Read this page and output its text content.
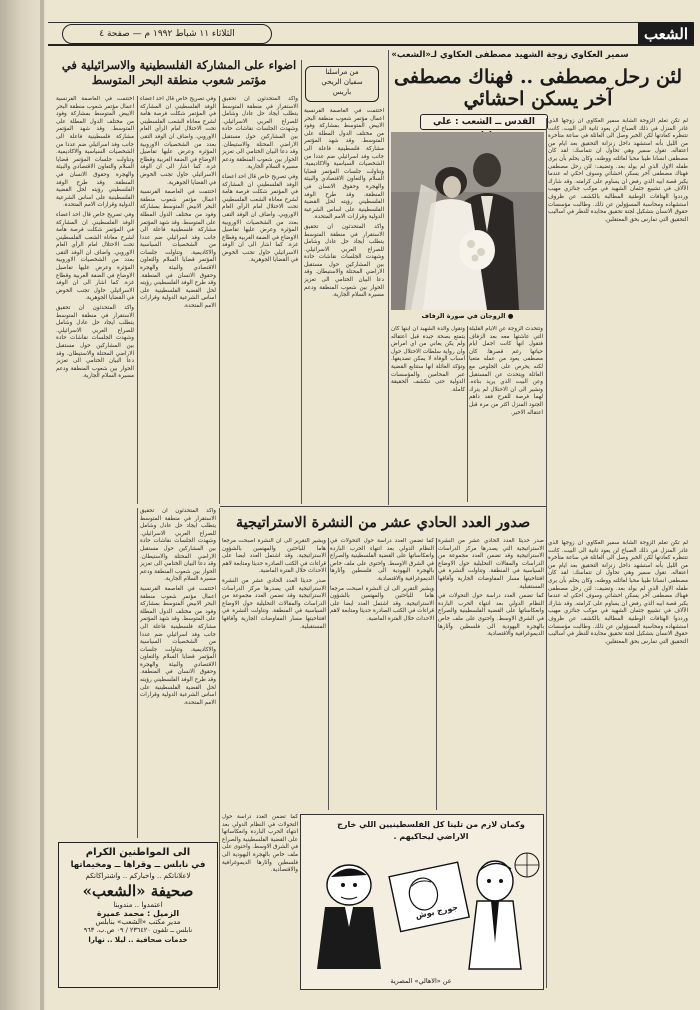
الثلاثاء ١١ شباط ١٩٩٢ م — صفحة ٤	الشعب
سمير العكاوي زوجة الشهيد مصطفى العكاوي لـ«الشعب»
لئن رحل مصطفى .. فهناك مصطفى آخر يسكن احشائي
القدس ــ الشعب : علي
● الزوجان في صورة الزفاف

لم تكن تعلم الزوجة الشابة سمير العكاوي ان زوجها الذي غادر المنزل في ذلك الصباح لن يعود ثانية الى البيت. كانت تنتظره كعادتها لكن الخبر وصل الى العائلة في ساعة متأخرة من الليل بأنه استشهد داخل زنزانة التحقيق بعد ايام من اعتقاله. تقول سمير وهي تحاول ان تتماسك: لقد كان مصطفى انسانا طيبا محبا لعائلته ووطنه، وكان يحلم بأن يرى طفله الاول الذي لم يولد بعد. وتضيف: لئن رحل مصطفى فهناك مصطفى آخر يسكن احشائي وسوف احكي له عندما يكبر قصة ابيه الذي رفض ان يساوم على كرامته. وقد شارك الآلاف في تشييع جثمان الشهيد في موكب جنائزي مهيب ورددوا الهتافات الوطنية المطالبة بالكشف عن ظروف استشهاده ومحاسبة المسؤولين عن ذلك. وطالبت مؤسسات حقوق الانسان بتشكيل لجنة تحقيق محايدة للنظر في اساليب التحقيق التي تمارس بحق المعتقلين.

لم تكن تعلم الزوجة الشابة سمير العكاوي ان زوجها الذي غادر المنزل في ذلك الصباح لن يعود ثانية الى البيت. كانت تنتظره كعادتها لكن الخبر وصل الى العائلة في ساعة متأخرة من الليل بأنه استشهد داخل زنزانة التحقيق بعد ايام من اعتقاله. تقول سمير وهي تحاول ان تتماسك: لقد كان مصطفى انسانا طيبا محبا لعائلته ووطنه، وكان يحلم بأن يرى طفله الاول الذي لم يولد بعد. وتضيف: لئن رحل مصطفى فهناك مصطفى آخر يسكن احشائي وسوف احكي له عندما يكبر قصة ابيه الذي رفض ان يساوم على كرامته. وقد شارك الآلاف في تشييع جثمان الشهيد في موكب جنائزي مهيب ورددوا الهتافات الوطنية المطالبة بالكشف عن ظروف استشهاده ومحاسبة المسؤولين عن ذلك. وطالبت مؤسسات حقوق الانسان بتشكيل لجنة تحقيق محايدة للنظر في اساليب التحقيق التي تمارس بحق المعتقلين.

وتتحدث الزوجة عن الايام القليلة التي عاشتها معه بعد الزفاف فتقول انها كانت اجمل ايام حياتها رغم قصرها. كان مصطفى يعود من عمله متعبا لكنه يحرص على الجلوس مع العائلة ويتحدث عن المستقبل وعن البيت الذي يريد بناءه. وتشير الى ان الاحتلال لم يترك لهما فرصة للفرح فقد داهم الجنود المنزل اكثر من مرة قبل اعتقاله الاخير.

وتقول والدة الشهيد ان ابنها كان يتمتع بصحة جيدة قبل اعتقاله ولم يكن يعاني من اي امراض وان رواية سلطات الاحتلال حول اسباب الوفاة لا يمكن تصديقها. وتؤكد العائلة انها ستتابع القضية عبر المحامين والمؤسسات الدولية حتى تنكشف الحقيقة كاملة.

من مراسلنا
سفيان الريحي
باريس
اضواء على المشاركة الفلسطينية والاسرائيلية في مؤتمر شعوب منطقة البحر المتوسط

اختتمت في العاصمة الفرنسية اعمال مؤتمر شعوب منطقة البحر الابيض المتوسط بمشاركة وفود من مختلف الدول المطلة على المتوسط. وقد شهد المؤتمر مشاركة فلسطينية فاعلة الى جانب وفد اسرائيلي ضم عددا من الشخصيات السياسية والاكاديمية. وتناولت جلسات المؤتمر قضايا السلام والتعاون الاقتصادي والبيئة والهجرة وحقوق الانسان في المنطقة. وقد طرح الوفد الفلسطيني رؤيته لحل القضية الفلسطينية على اساس الشرعية الدولية وقرارات الامم المتحدة.

واكد المتحدثون ان تحقيق الاستقرار في منطقة المتوسط يتطلب ايجاد حل عادل وشامل للصراع العربي الاسرائيلي. وشهدت الجلسات نقاشات حادة بين المشاركين حول مستقبل الاراضي المحتلة والاستيطان. وقد دعا البيان الختامي الى تعزيز الحوار بين شعوب المنطقة ودعم مسيرة السلام الجارية.

واكد المتحدثون ان تحقيق الاستقرار في منطقة المتوسط يتطلب ايجاد حل عادل وشامل للصراع العربي الاسرائيلي. وشهدت الجلسات نقاشات حادة بين المشاركين حول مستقبل الاراضي المحتلة والاستيطان. وقد دعا البيان الختامي الى تعزيز الحوار بين شعوب المنطقة ودعم مسيرة السلام الجارية.

وفي تصريح خاص قال احد اعضاء الوفد الفلسطيني ان المشاركة في المؤتمر شكلت فرصة هامة لشرح معاناة الشعب الفلسطيني تحت الاحتلال امام الرأي العام الاوروبي. واضاف ان الوفد التقى بعدد من الشخصيات الاوروبية المؤثرة وعرض عليها تفاصيل الاوضاع في الضفة الغربية وقطاع غزة. كما اشار الى ان الوفد الاسرائيلي حاول تجنب الخوض في القضايا الجوهرية.

وفي تصريح خاص قال احد اعضاء الوفد الفلسطيني ان المشاركة في المؤتمر شكلت فرصة هامة لشرح معاناة الشعب الفلسطيني تحت الاحتلال امام الرأي العام الاوروبي. واضاف ان الوفد التقى بعدد من الشخصيات الاوروبية المؤثرة وعرض عليها تفاصيل الاوضاع في الضفة الغربية وقطاع غزة. كما اشار الى ان الوفد الاسرائيلي حاول تجنب الخوض في القضايا الجوهرية.

اختتمت في العاصمة الفرنسية اعمال مؤتمر شعوب منطقة البحر الابيض المتوسط بمشاركة وفود من مختلف الدول المطلة على المتوسط. وقد شهد المؤتمر مشاركة فلسطينية فاعلة الى جانب وفد اسرائيلي ضم عددا من الشخصيات السياسية والاكاديمية. وتناولت جلسات المؤتمر قضايا السلام والتعاون الاقتصادي والبيئة والهجرة وحقوق الانسان في المنطقة. وقد طرح الوفد الفلسطيني رؤيته لحل القضية الفلسطينية على اساس الشرعية الدولية وقرارات الامم المتحدة.

اختتمت في العاصمة الفرنسية اعمال مؤتمر شعوب منطقة البحر الابيض المتوسط بمشاركة وفود من مختلف الدول المطلة على المتوسط. وقد شهد المؤتمر مشاركة فلسطينية فاعلة الى جانب وفد اسرائيلي ضم عددا من الشخصيات السياسية والاكاديمية. وتناولت جلسات المؤتمر قضايا السلام والتعاون الاقتصادي والبيئة والهجرة وحقوق الانسان في المنطقة. وقد طرح الوفد الفلسطيني رؤيته لحل القضية الفلسطينية على اساس الشرعية الدولية وقرارات الامم المتحدة.

وفي تصريح خاص قال احد اعضاء الوفد الفلسطيني ان المشاركة في المؤتمر شكلت فرصة هامة لشرح معاناة الشعب الفلسطيني تحت الاحتلال امام الرأي العام الاوروبي. واضاف ان الوفد التقى بعدد من الشخصيات الاوروبية المؤثرة وعرض عليها تفاصيل الاوضاع في الضفة الغربية وقطاع غزة. كما اشار الى ان الوفد الاسرائيلي حاول تجنب الخوض في القضايا الجوهرية.

واكد المتحدثون ان تحقيق الاستقرار في منطقة المتوسط يتطلب ايجاد حل عادل وشامل للصراع العربي الاسرائيلي. وشهدت الجلسات نقاشات حادة بين المشاركين حول مستقبل الاراضي المحتلة والاستيطان. وقد دعا البيان الختامي الى تعزيز الحوار بين شعوب المنطقة ودعم مسيرة السلام الجارية.

واكد المتحدثون ان تحقيق الاستقرار في منطقة المتوسط يتطلب ايجاد حل عادل وشامل للصراع العربي الاسرائيلي. وشهدت الجلسات نقاشات حادة بين المشاركين حول مستقبل الاراضي المحتلة والاستيطان. وقد دعا البيان الختامي الى تعزيز الحوار بين شعوب المنطقة ودعم مسيرة السلام الجارية.

اختتمت في العاصمة الفرنسية اعمال مؤتمر شعوب منطقة البحر الابيض المتوسط بمشاركة وفود من مختلف الدول المطلة على المتوسط. وقد شهد المؤتمر مشاركة فلسطينية فاعلة الى جانب وفد اسرائيلي ضم عددا من الشخصيات السياسية والاكاديمية. وتناولت جلسات المؤتمر قضايا السلام والتعاون الاقتصادي والبيئة والهجرة وحقوق الانسان في المنطقة. وقد طرح الوفد الفلسطيني رؤيته لحل القضية الفلسطينية على اساس الشرعية الدولية وقرارات الامم المتحدة.

صدور العدد الحادي عشر من النشرة الاستراتيجية

صدر حديثا العدد الحادي عشر من النشرة الاستراتيجية التي يصدرها مركز الدراسات الاستراتيجية وقد تضمن العدد مجموعة من الدراسات والمقالات التحليلية حول الاوضاع السياسية في المنطقة. وتناولت النشرة في افتتاحيتها مسار المفاوضات الجارية وآفاقها المستقبلية.

كما تضمن العدد دراسة حول التحولات في النظام الدولي بعد انتهاء الحرب الباردة وانعكاساتها على القضية الفلسطينية والصراع في الشرق الاوسط. واحتوى على ملف خاص بالهجرة اليهودية الى فلسطين وآثارها الديموغرافية والاقتصادية.

كما تضمن العدد دراسة حول التحولات في النظام الدولي بعد انتهاء الحرب الباردة وانعكاساتها على القضية الفلسطينية والصراع في الشرق الاوسط. واحتوى على ملف خاص بالهجرة اليهودية الى فلسطين وآثارها الديموغرافية والاقتصادية.

ويشير التقرير الى ان النشرة اصبحت مرجعا هاما للباحثين والمهتمين بالشؤون الاستراتيجية. وقد اشتمل العدد ايضا على قراءات في الكتب الصادرة حديثا ومتابعة لاهم الاحداث خلال الفترة الماضية.

ويشير التقرير الى ان النشرة اصبحت مرجعا هاما للباحثين والمهتمين بالشؤون الاستراتيجية. وقد اشتمل العدد ايضا على قراءات في الكتب الصادرة حديثا ومتابعة لاهم الاحداث خلال الفترة الماضية.

صدر حديثا العدد الحادي عشر من النشرة الاستراتيجية التي يصدرها مركز الدراسات الاستراتيجية وقد تضمن العدد مجموعة من الدراسات والمقالات التحليلية حول الاوضاع السياسية في المنطقة. وتناولت النشرة في افتتاحيتها مسار المفاوضات الجارية وآفاقها المستقبلية.

وكمان لازم من تلينا كل الفلسطينيين اللي خارج الاراضي ليحاكيهم .
جورج بوش
عن «الاهالي» المصرية

كما تضمن العدد دراسة حول التحولات في النظام الدولي بعد انتهاء الحرب الباردة وانعكاساتها على القضية الفلسطينية والصراع في الشرق الاوسط. واحتوى على ملف خاص بالهجرة اليهودية الى فلسطين وآثارها الديموغرافية والاقتصادية.

الى المواطنين الكرام
في نابلس ــ وقراها ــ ومخيماتها
لاعلاناتكم .. واخباركم .. واشتراكاتكم
صحيفة «الشعب»
اعتمدوا .. مندوبنا
الزميل : محمد عميرة
مدير مكتب «الشعب» بنابلس
نابلس ــ تلفون ٢٣٦٤٢٠ / ٠٩ ص.ب. ٩٦٣
خدمات صحافية .. ليلا .. نهارا
